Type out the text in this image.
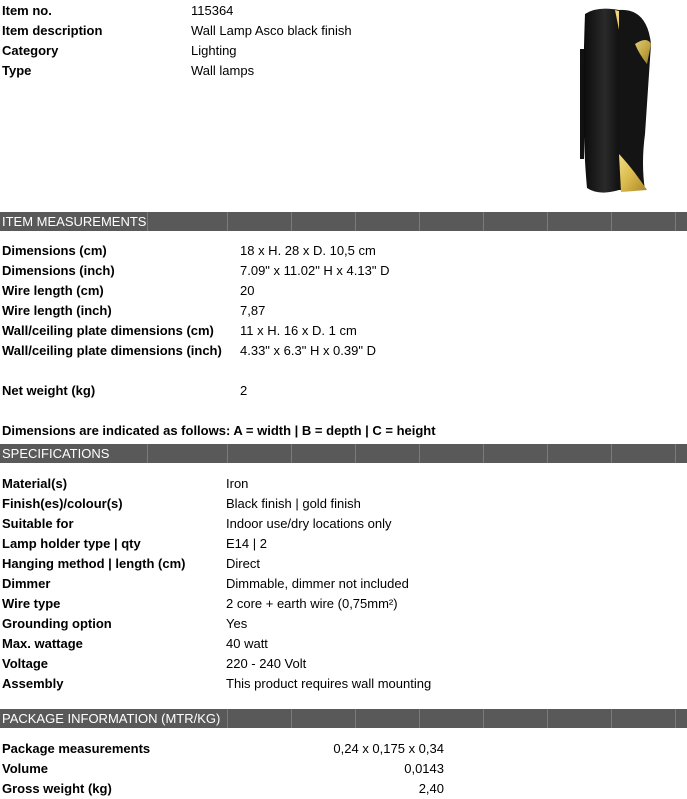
Item no.	115364
Item description	Wall Lamp Asco black finish
Category	Lighting
Type	Wall lamps
ITEM MEASUREMENTS
Dimensions (cm)	18 x H. 28 x D. 10,5 cm
Dimensions (inch)	7.09" x 11.02" H x 4.13" D
Wire length (cm)	20
Wire length (inch)	7,87
Wall/ceiling plate dimensions (cm) 11 x H. 16 x D. 1 cm
Wall/ceiling plate dimensions (inch) 4.33" x 6.3" H x 0.39" D
Net weight (kg)	2
Dimensions are indicated as follows: A = width | B = depth | C = height
SPECIFICATIONS
Material(s)	Iron
Finish(es)/colour(s)	Black finish | gold finish
Suitable for	Indoor use/dry locations only
Lamp holder type | qty	E14 | 2
Hanging method | length (cm)	Direct
Dimmer	Dimmable, dimmer not included
Wire type	2 core + earth wire (0,75mm²)
Grounding option	Yes
Max. wattage	40 watt
Voltage	220 - 240 Volt
Assembly	This product requires wall mounting
PACKAGE INFORMATION (MTR/KG)
Package measurements	0,24 x 0,175 x 0,34
Volume	0,0143
Gross weight (kg)	2,40
